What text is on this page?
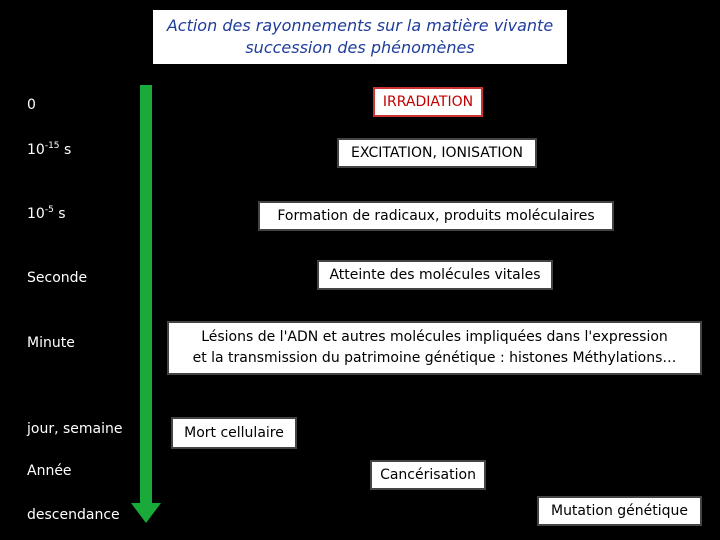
Action des rayonnements sur la matière vivante
succession des phénomènes
0
$10^{-15}$ s
$10^{-5}$ s
Seconde
Minute
jour, semaine
Année
descendance
IRRADIATION
EXCITATION, IONISATION
Formation de radicaux, produits moléculaires
Atteinte des molécules vitales
Lésions de l'ADN et autres molécules impliquées dans l'expression
et la transmission du patrimoine génétique : histones Méthylations…
Mort cellulaire
Cancérisation
Mutation génétique
